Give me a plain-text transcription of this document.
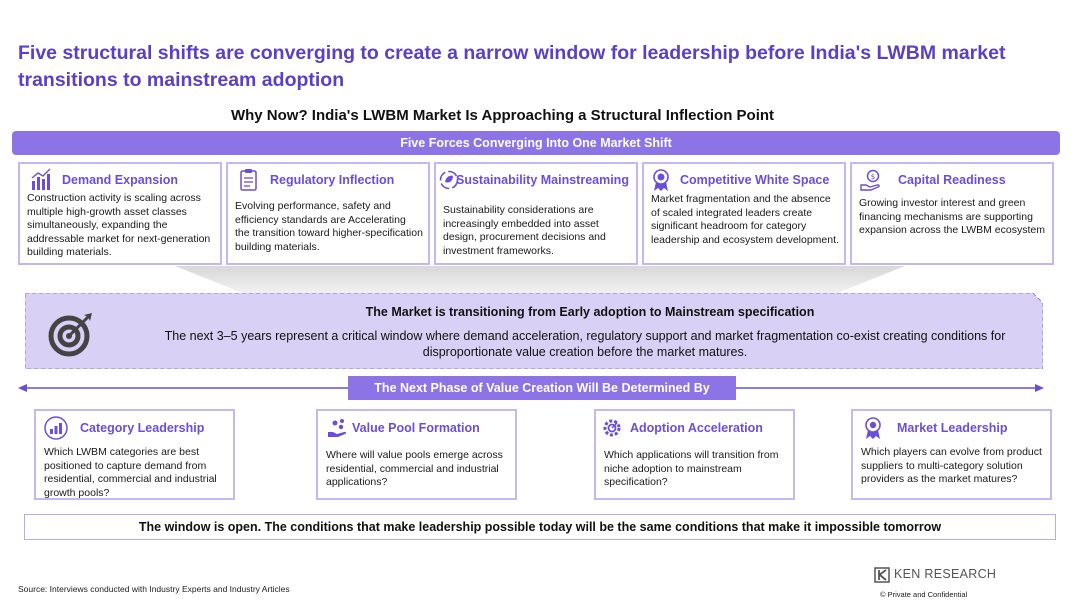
Five structural shifts are converging to create a narrow window for leadership before India's LWBM market transitions to mainstream adoption
Why Now? India's LWBM Market Is Approaching a Structural Inflection Point
Five Forces Converging Into One Market Shift
Demand Expansion
Construction activity is scaling across multiple high-growth asset classes simultaneously, expanding the addressable market for next-generation building materials.
Regulatory Inflection
Evolving performance, safety and efficiency standards are Accelerating the transition toward higher-specification building materials.
Sustainability Mainstreaming
Sustainability considerations are increasingly embedded into asset design, procurement decisions and investment frameworks.
Competitive White Space
Market fragmentation and the absence of scaled integrated leaders create significant headroom for category leadership and ecosystem development.
$ Capital Readiness
Growing investor interest and green financing mechanisms are supporting expansion across the LWBM ecosystem
The Market is transitioning from Early adoption to Mainstream specification
The next 3–5 years represent a critical window where demand acceleration, regulatory support and market fragmentation co-exist creating conditions for disproportionate value creation before the market matures.
The Next Phase of Value Creation Will Be Determined By
Category Leadership
Which LWBM categories are best positioned to capture demand from residential, commercial and industrial growth pools?
Value Pool Formation
Where will value pools emerge across residential, commercial and industrial applications?
Adoption Acceleration
Which applications will transition from niche adoption to mainstream specification?
Market Leadership
Which players can evolve from product suppliers to multi-category solution providers as the market matures?
The window is open. The conditions that make leadership possible today will be the same conditions that make it impossible tomorrow
Source: Interviews conducted with Industry Experts and Industry Articles
KEN RESEARCH
© Private and Confidential
